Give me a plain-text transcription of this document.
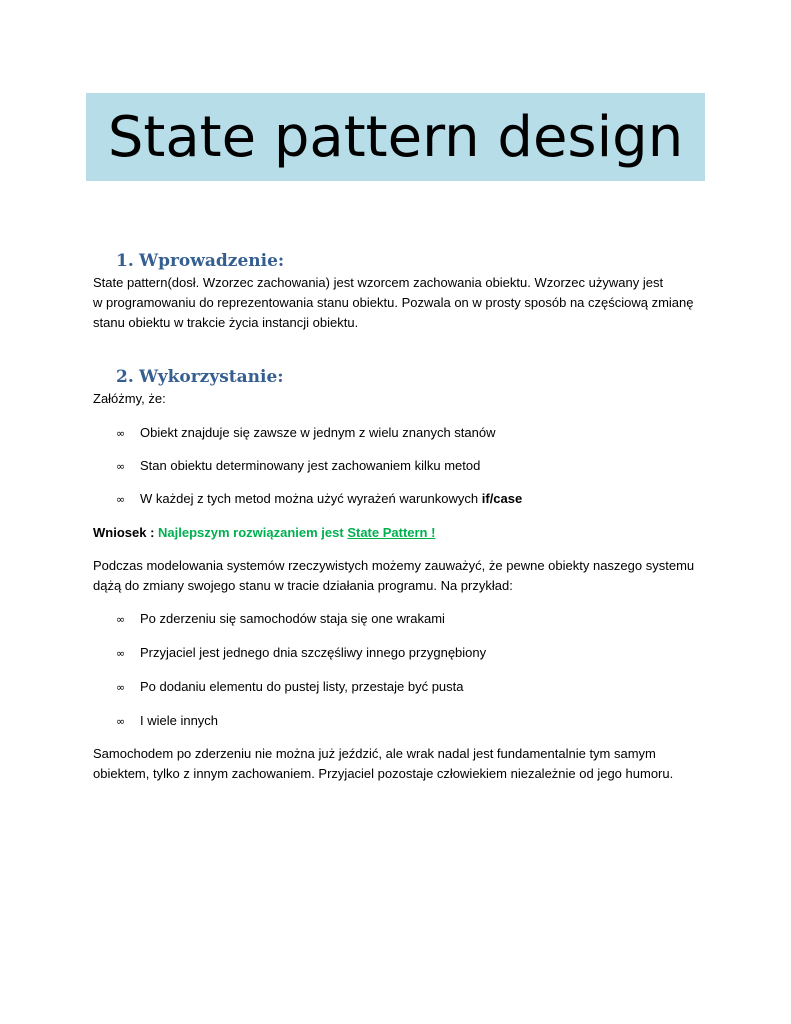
State pattern design
1. Wprowadzenie:

State pattern(dosł. Wzorzec zachowania) jest wzorcem zachowania obiektu. Wzorzec używany jest

w programowaniu do reprezentowania stanu obiektu. Pozwala on w prosty sposób na częściową zmianę

stanu obiektu w trakcie życia instancji obiektu.

2. Wykorzystanie:

Załóżmy, że:

∞ Obiekt znajduje się zawsze w jednym z wielu znanych stanów
∞ Stan obiektu determinowany jest zachowaniem kilku metod
∞ W każdej z tych metod można użyć wyrażeń warunkowych if/case

Wniosek : Najlepszym rozwiązaniem jest State Pattern !

Podczas modelowania systemów rzeczywistych możemy zauważyć, że pewne obiekty naszego systemu

dążą do zmiany swojego stanu w tracie działania programu. Na przykład:

∞ Po zderzeniu się samochodów staja się one wrakami
∞ Przyjaciel jest jednego dnia szczęśliwy innego przygnębiony
∞ Po dodaniu elementu do pustej listy, przestaje być pusta
∞ I wiele innych

Samochodem po zderzeniu nie można już jeździć, ale wrak nadal jest fundamentalnie tym samym

obiektem, tylko z innym zachowaniem. Przyjaciel pozostaje człowiekiem niezależnie od jego humoru.
